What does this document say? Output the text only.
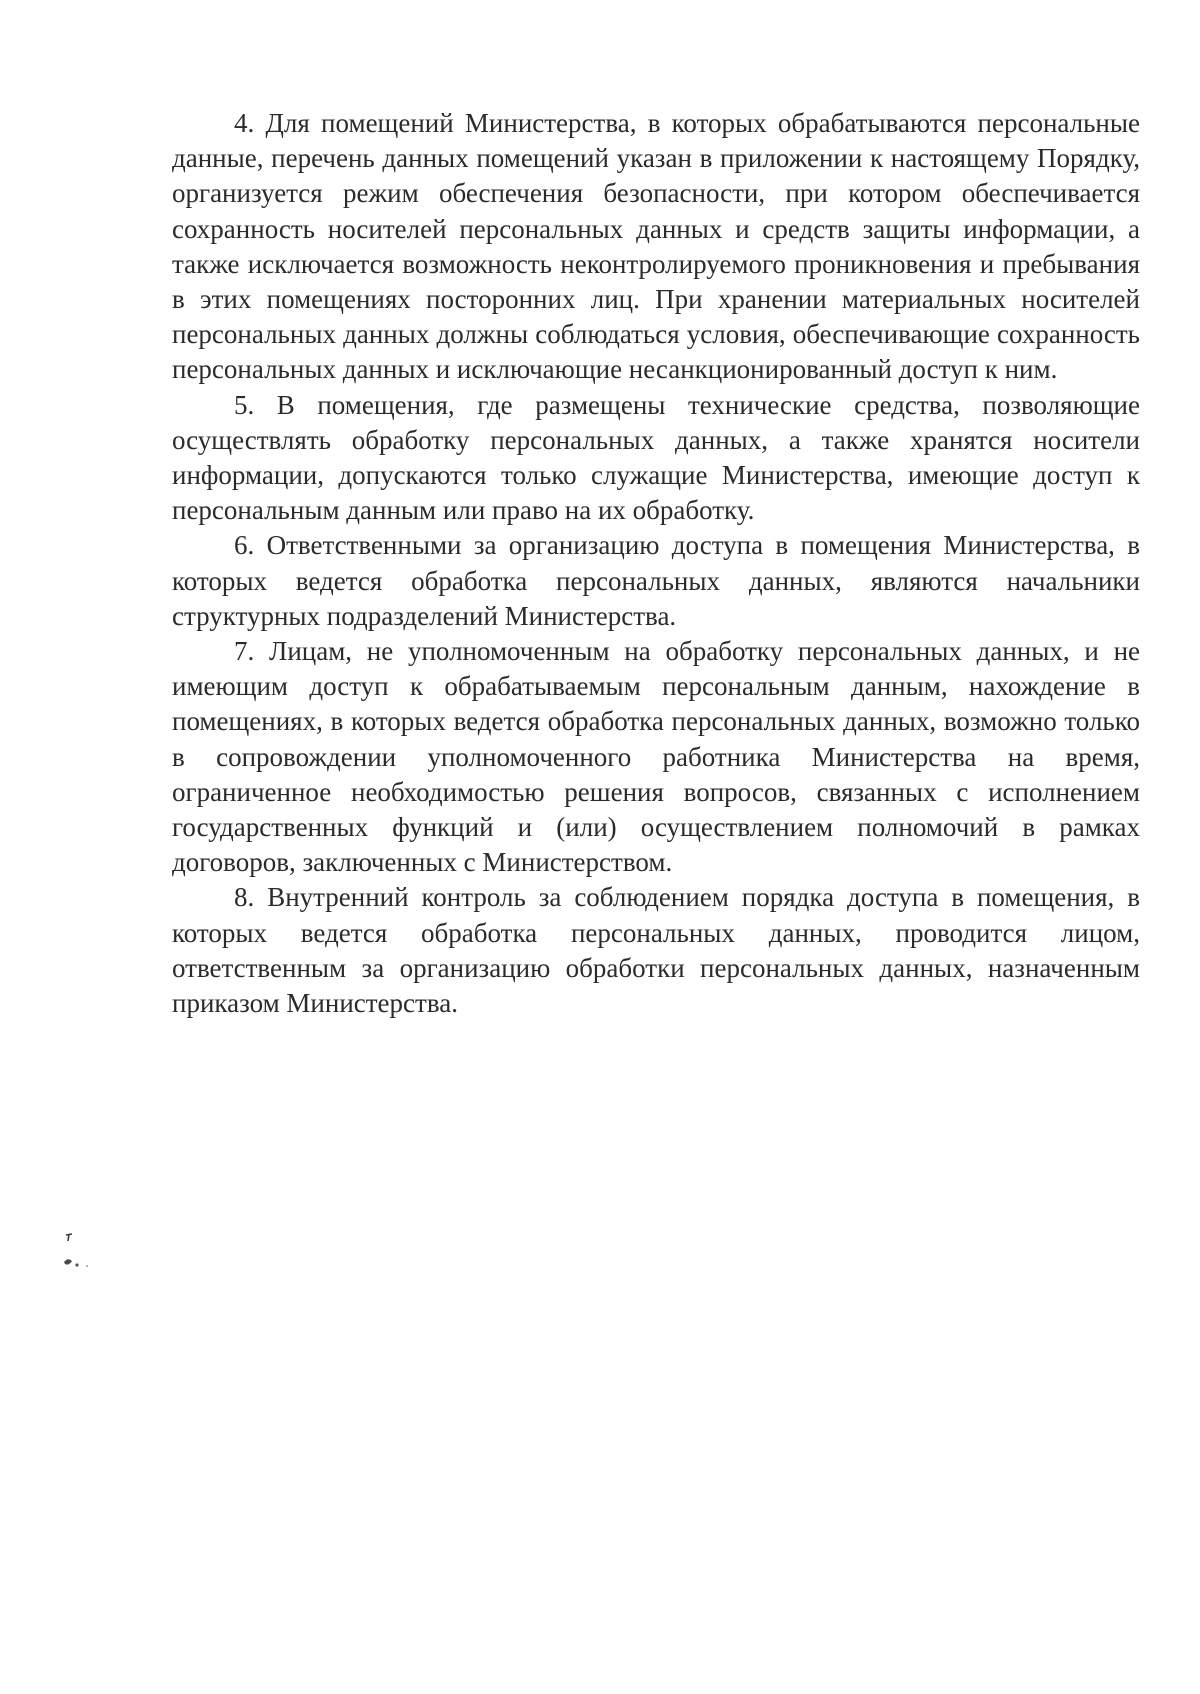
4. Для помещений Министерства, в которых обрабатываются персональные данные, перечень данных помещений указан в приложении к настоящему Порядку, организуется режим обеспечения безопасности, при котором обеспечивается сохранность носителей персональных данных и средств защиты информации, а также исключается возможность неконтролируемого проникновения и пребывания в этих помещениях посторонних лиц. При хранении материальных носителей персональных данных должны соблюдаться условия, обеспечивающие сохранность персональных данных и исключающие несанкционированный доступ к ним.

5. В помещения, где размещены технические средства, позволяющие осуществлять обработку персональных данных, а также хранятся носители информации, допускаются только служащие Министерства, имеющие доступ к персональным данным или право на их обработку.

6. Ответственными за организацию доступа в помещения Министерства, в которых ведется обработка персональных данных, являются начальники структурных подразделений Министерства.

7. Лицам, не уполномоченным на обработку персональных данных, и не имеющим доступ к обрабатываемым персональным данным, нахождение в помещениях, в которых ведется обработка персональных данных, возможно только в сопровождении уполномоченного работника Министерства на время, ограниченное необходимостью решения вопросов, связанных с исполнением государственных функций и (или) осуществлением полномочий в рамках договоров, заключенных с Министерством.

8. Внутренний контроль за соблюдением порядка доступа в помещения, в которых ведется обработка персональных данных, проводится лицом, ответственным за организацию обработки персональных данных, назначенным приказом Министерства.
